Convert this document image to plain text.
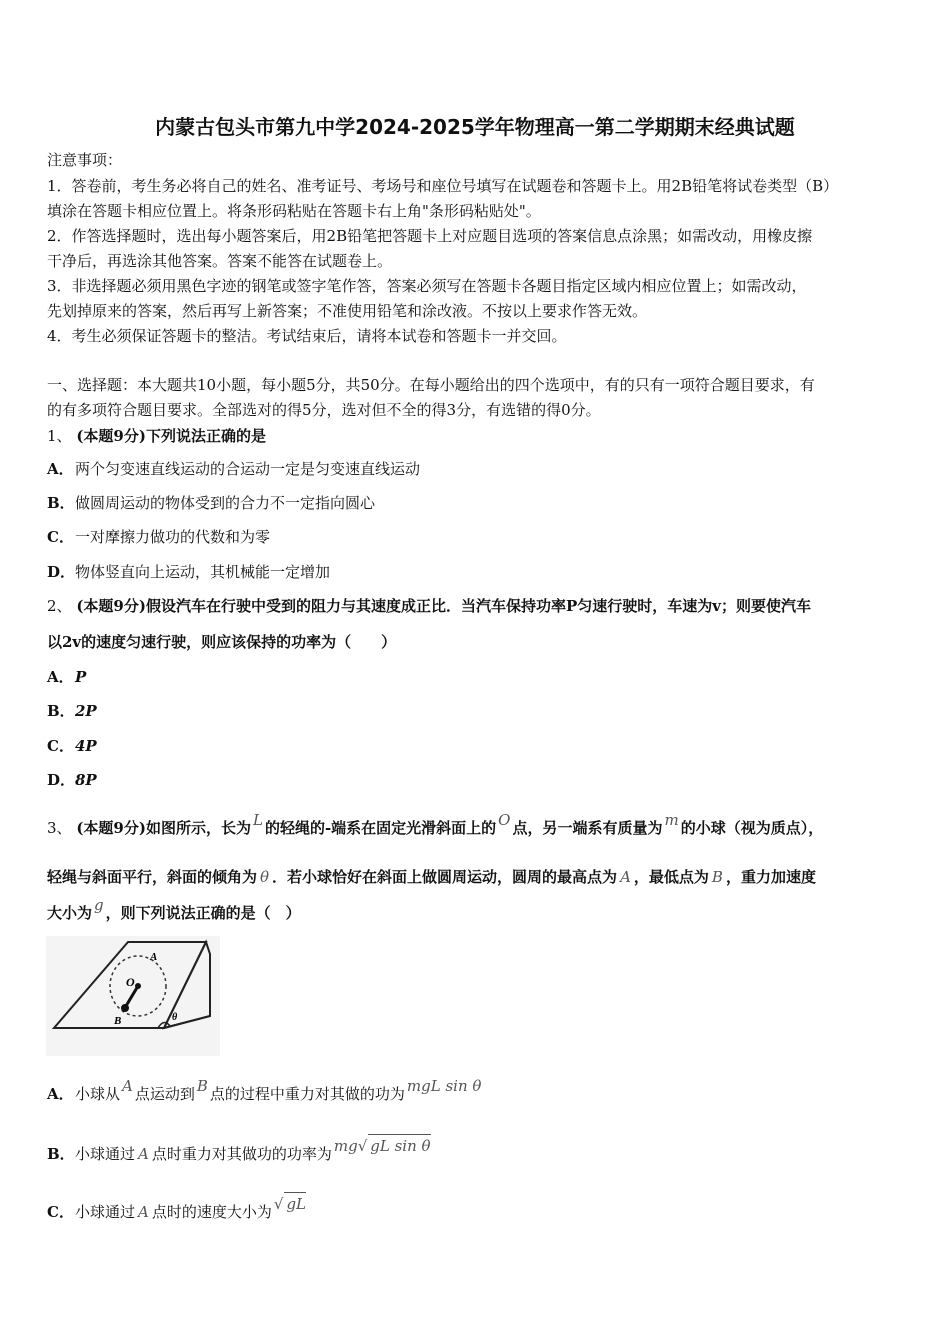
内蒙古包头市第九中学2024-2025学年物理高一第二学期期末经典试题
注意事项：
1．答卷前，考生务必将自己的姓名、准考证号、考场号和座位号填写在试题卷和答题卡上。用2B铅笔将试卷类型（B）
填涂在答题卡相应位置上。将条形码粘贴在答题卡右上角"条形码粘贴处"。
2．作答选择题时，选出每小题答案后，用2B铅笔把答题卡上对应题目选项的答案信息点涂黑；如需改动，用橡皮擦
干净后，再选涂其他答案。答案不能答在试题卷上。
3．非选择题必须用黑色字迹的钢笔或签字笔作答，答案必须写在答题卡各题目指定区域内相应位置上；如需改动，
先划掉原来的答案，然后再写上新答案；不准使用铅笔和涂改液。不按以上要求作答无效。
4．考生必须保证答题卡的整洁。考试结束后，请将本试卷和答题卡一并交回。
一、选择题：本大题共10小题，每小题5分，共50分。在每小题给出的四个选项中，有的只有一项符合题目要求，有
的有多项符合题目要求。全部选对的得5分，选对但不全的得3分，有选错的得0分。
1、 (本题9分)下列说法正确的是
A．两个匀变速直线运动的合运动一定是匀变速直线运动
B．做圆周运动的物体受到的合力不一定指向圆心
C．一对摩擦力做功的代数和为零
D．物体竖直向上运动，其机械能一定增加
2、 (本题9分)假设汽车在行驶中受到的阻力与其速度成正比．当汽车保持功率P匀速行驶时，车速为v；则要使汽车
以2v的速度匀速行驶，则应该保持的功率为（　　）
A．P
B．2P
C．4P
D．8P
3、 (本题9分)如图所示，长为 L 的轻绳的-端系在固定光滑斜面上的 O 点，另一端系有质量为 m 的小球（视为质点），
轻绳与斜面平行，斜面的倾角为 θ ．若小球恰好在斜面上做圆周运动，圆周的最高点为 A ，最低点为 B ，重力加速度
大小为 g ，则下列说法正确的是（　）
A
O
B	θ
A．小球从 A 点运动到 B 点的过程中重力对其做的功为 mgL sin θ
B．小球通过 A 点时重力对其做功的功率为 mg√ gL sin θ
C．小球通过 A 点时的速度大小为 √ gL
